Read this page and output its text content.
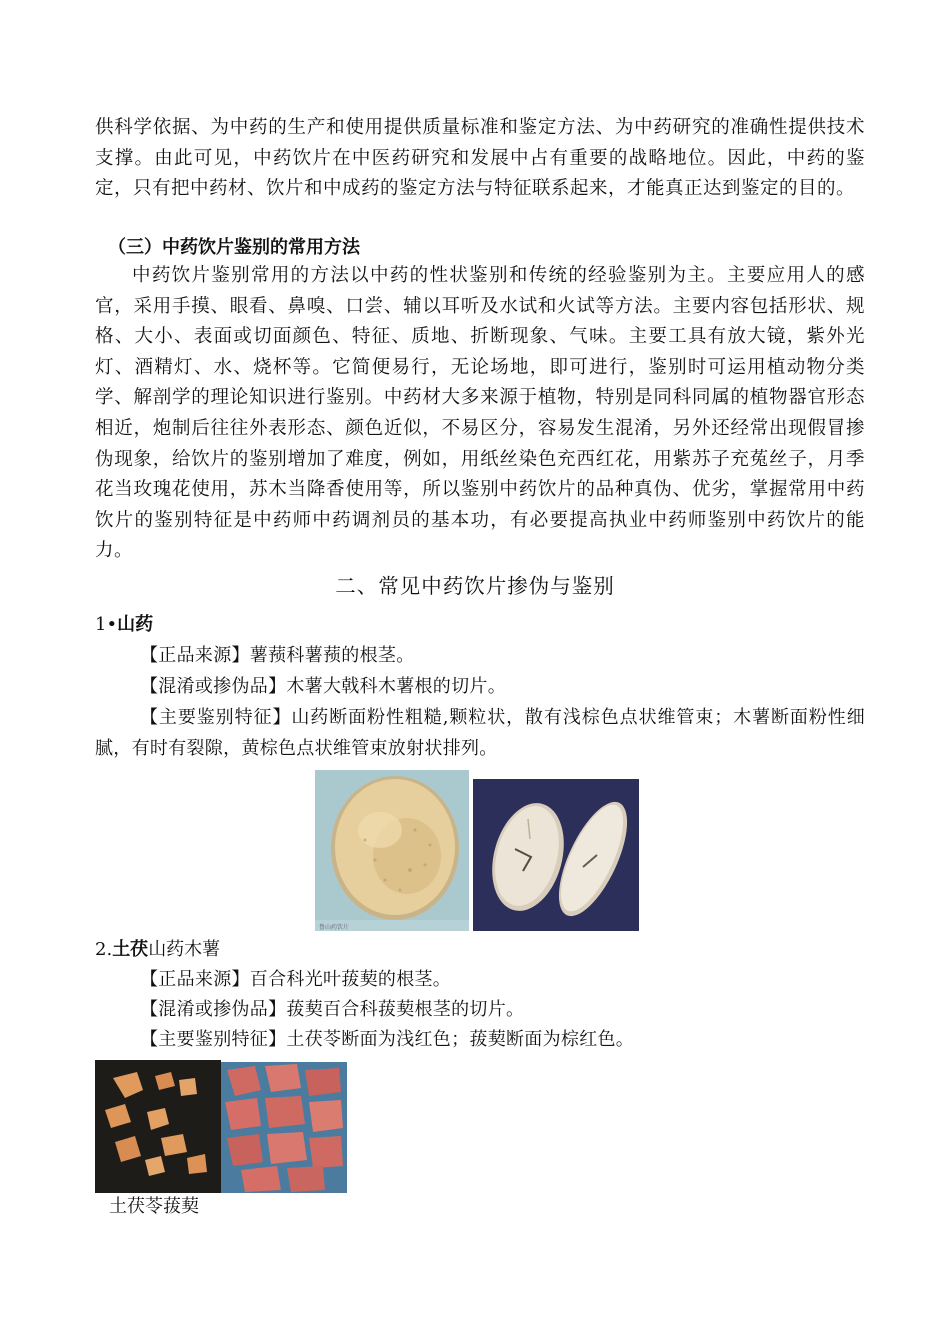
供科学依据、为中药的生产和使用提供质量标准和鉴定方法、为中药研究的准确性提供技术支撑。由此可见，中药饮片在中医药研究和发展中占有重要的战略地位。因此，中药的鉴定，只有把中药材、饮片和中成药的鉴定方法与特征联系起来，才能真正达到鉴定的目的。
（三）中药饮片鉴别的常用方法
中药饮片鉴别常用的方法以中药的性状鉴别和传统的经验鉴别为主。主要应用人的感官，采用手摸、眼看、鼻嗅、口尝、辅以耳听及水试和火试等方法。主要内容包括形状、规格、大小、表面或切面颜色、特征、质地、折断现象、气味。主要工具有放大镜，紫外光灯、酒精灯、水、烧杯等。它简便易行，无论场地，即可进行，鉴别时可运用植动物分类学、解剖学的理论知识进行鉴别。中药材大多来源于植物，特别是同科同属的植物器官形态相近，炮制后往往外表形态、颜色近似，不易区分，容易发生混淆，另外还经常出现假冒掺伪现象，给饮片的鉴别增加了难度，例如，用纸丝染色充西红花，用紫苏子充菟丝子，月季花当玫瑰花使用，苏木当降香使用等，所以鉴别中药饮片的品种真伪、优劣，掌握常用中药饮片的鉴别特征是中药师中药调剂员的基本功，有必要提高执业中药师鉴别中药饮片的能力。
二、常见中药饮片掺伪与鉴别
1•山药
【正品来源】薯蓣科薯蓣的根茎。
【混淆或掺伪品】木薯大戟科木薯根的切片。
【主要鉴别特征】山药断面粉性粗糙,颗粒状，散有浅棕色点状维管束；木薯断面粉性细腻，有时有裂隙，黄棕色点状维管束放射状排列。
鲁山药饮片
2.土茯山药木薯
【正品来源】百合科光叶菝葜的根茎。
【混淆或掺伪品】菝葜百合科菝葜根茎的切片。
【主要鉴别特征】土茯苓断面为浅红色；菝葜断面为棕红色。
土茯苓菝葜
